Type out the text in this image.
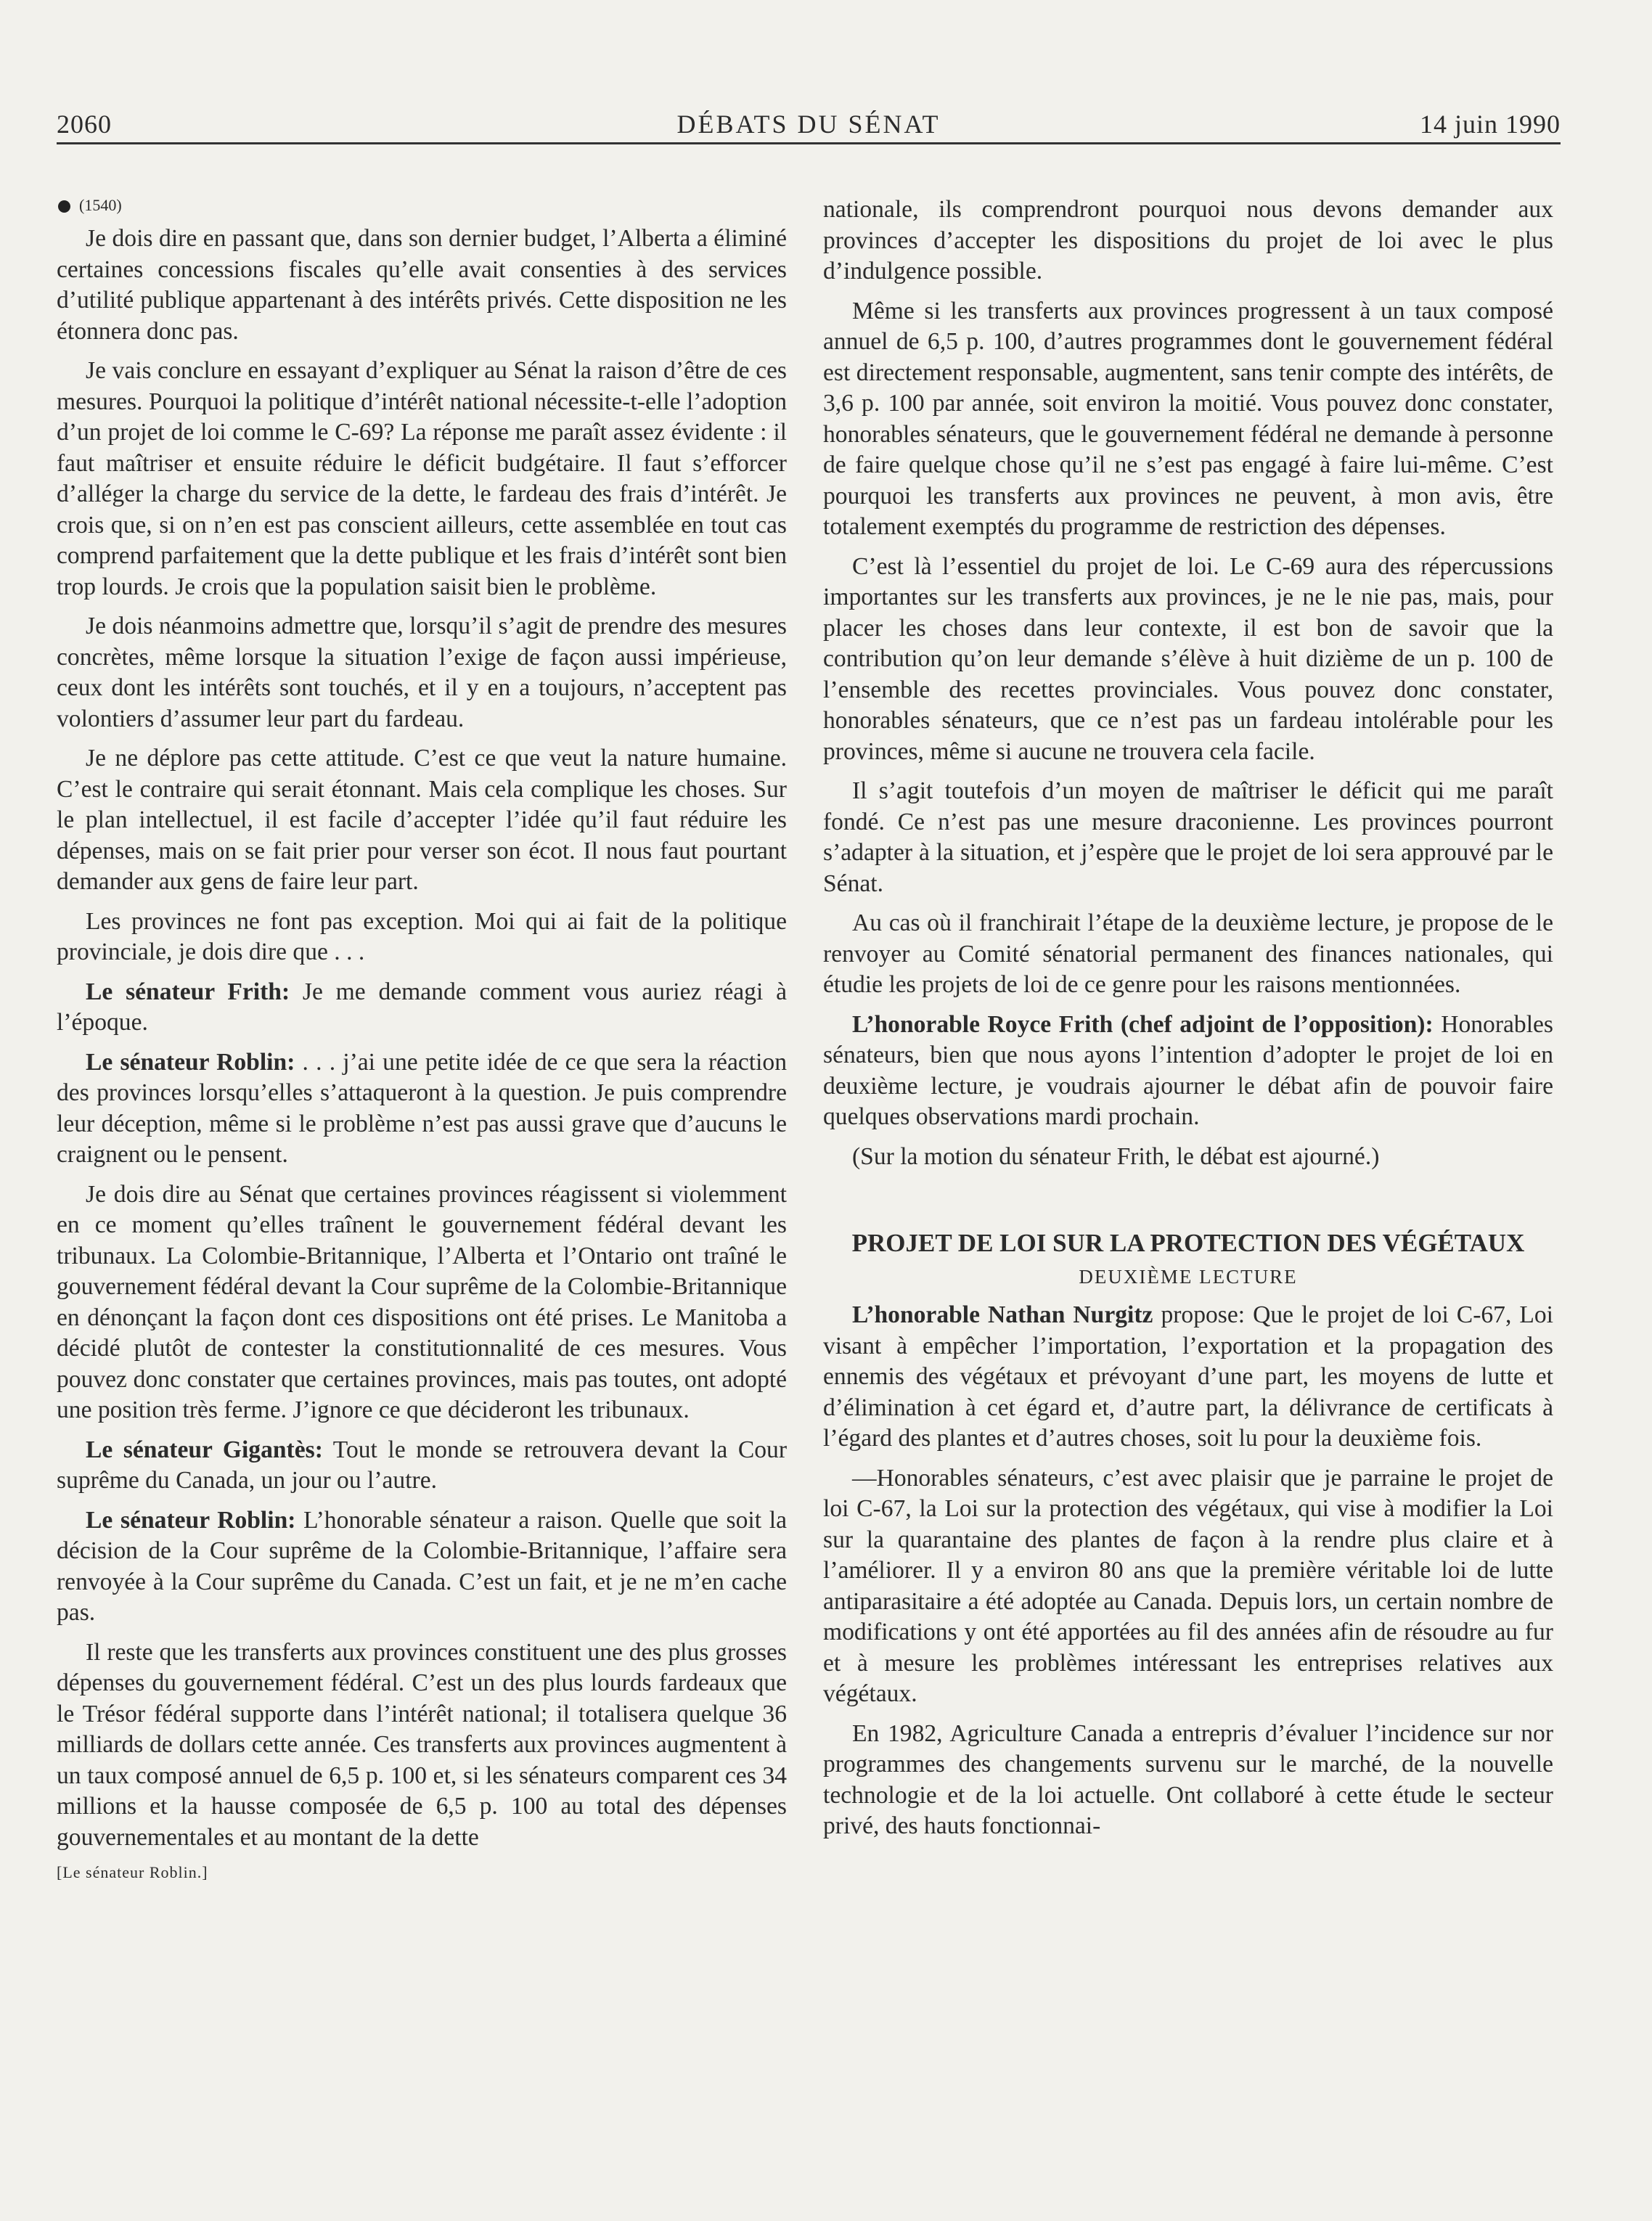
2060	DÉBATS DU SÉNAT	14 juin 1990
(1540)

Je dois dire en passant que, dans son dernier budget, l’Alberta a éliminé certaines concessions fiscales qu’elle avait consenties à des services d’utilité publique appartenant à des intérêts privés. Cette disposition ne les étonnera donc pas.

Je vais conclure en essayant d’expliquer au Sénat la raison d’être de ces mesures. Pourquoi la politique d’intérêt national nécessite-t-elle l’adoption d’un projet de loi comme le C-69? La réponse me paraît assez évidente : il faut maîtriser et ensuite réduire le déficit budgétaire. Il faut s’efforcer d’alléger la charge du service de la dette, le fardeau des frais d’intérêt. Je crois que, si on n’en est pas conscient ailleurs, cette assemblée en tout cas comprend parfaitement que la dette publique et les frais d’intérêt sont bien trop lourds. Je crois que la population saisit bien le problème.

Je dois néanmoins admettre que, lorsqu’il s’agit de prendre des mesures concrètes, même lorsque la situation l’exige de façon aussi impérieuse, ceux dont les intérêts sont touchés, et il y en a toujours, n’acceptent pas volontiers d’assumer leur part du fardeau.

Je ne déplore pas cette attitude. C’est ce que veut la nature humaine. C’est le contraire qui serait étonnant. Mais cela complique les choses. Sur le plan intellectuel, il est facile d’accepter l’idée qu’il faut réduire les dépenses, mais on se fait prier pour verser son écot. Il nous faut pourtant demander aux gens de faire leur part.

Les provinces ne font pas exception. Moi qui ai fait de la politique provinciale, je dois dire que . . .

Le sénateur Frith: Je me demande comment vous auriez réagi à l’époque.

Le sénateur Roblin: . . . j’ai une petite idée de ce que sera la réaction des provinces lorsqu’elles s’attaqueront à la question. Je puis comprendre leur déception, même si le problème n’est pas aussi grave que d’aucuns le craignent ou le pensent.

Je dois dire au Sénat que certaines provinces réagissent si violemment en ce moment qu’elles traînent le gouvernement fédéral devant les tribunaux. La Colombie-Britannique, l’Alberta et l’Ontario ont traîné le gouvernement fédéral devant la Cour suprême de la Colombie-Britannique en dénonçant la façon dont ces dispositions ont été prises. Le Manitoba a décidé plutôt de contester la constitutionnalité de ces mesures. Vous pouvez donc constater que certaines provinces, mais pas toutes, ont adopté une position très ferme. J’ignore ce que décideront les tribunaux.

Le sénateur Gigantès: Tout le monde se retrouvera devant la Cour suprême du Canada, un jour ou l’autre.

Le sénateur Roblin: L’honorable sénateur a raison. Quelle que soit la décision de la Cour suprême de la Colombie-Britannique, l’affaire sera renvoyée à la Cour suprême du Canada. C’est un fait, et je ne m’en cache pas.

Il reste que les transferts aux provinces constituent une des plus grosses dépenses du gouvernement fédéral. C’est un des plus lourds fardeaux que le Trésor fédéral supporte dans l’intérêt national; il totalisera quelque 36 milliards de dollars cette année. Ces transferts aux provinces augmentent à un taux composé annuel de 6,5 p. 100 et, si les sénateurs comparent ces 34 millions et la hausse composée de 6,5 p. 100 au total des dépenses gouvernementales et au montant de la dette

[Le sénateur Roblin.]

nationale, ils comprendront pourquoi nous devons demander aux provinces d’accepter les dispositions du projet de loi avec le plus d’indulgence possible.

Même si les transferts aux provinces progressent à un taux composé annuel de 6,5 p. 100, d’autres programmes dont le gouvernement fédéral est directement responsable, augmentent, sans tenir compte des intérêts, de 3,6 p. 100 par année, soit environ la moitié. Vous pouvez donc constater, honorables sénateurs, que le gouvernement fédéral ne demande à personne de faire quelque chose qu’il ne s’est pas engagé à faire lui-même. C’est pourquoi les transferts aux provinces ne peuvent, à mon avis, être totalement exemptés du programme de restriction des dépenses.

C’est là l’essentiel du projet de loi. Le C-69 aura des répercussions importantes sur les transferts aux provinces, je ne le nie pas, mais, pour placer les choses dans leur contexte, il est bon de savoir que la contribution qu’on leur demande s’élève à huit dizième de un p. 100 de l’ensemble des recettes provinciales. Vous pouvez donc constater, honorables sénateurs, que ce n’est pas un fardeau intolérable pour les provinces, même si aucune ne trouvera cela facile.

Il s’agit toutefois d’un moyen de maîtriser le déficit qui me paraît fondé. Ce n’est pas une mesure draconienne. Les provinces pourront s’adapter à la situation, et j’espère que le projet de loi sera approuvé par le Sénat.

Au cas où il franchirait l’étape de la deuxième lecture, je propose de le renvoyer au Comité sénatorial permanent des finances nationales, qui étudie les projets de loi de ce genre pour les raisons mentionnées.

L’honorable Royce Frith (chef adjoint de l’opposition): Honorables sénateurs, bien que nous ayons l’intention d’adopter le projet de loi en deuxième lecture, je voudrais ajourner le débat afin de pouvoir faire quelques observations mardi prochain.

(Sur la motion du sénateur Frith, le débat est ajourné.)

PROJET DE LOI SUR LA PROTECTION DES VÉGÉTAUX
DEUXIÈME LECTURE

L’honorable Nathan Nurgitz propose: Que le projet de loi C-67, Loi visant à empêcher l’importation, l’exportation et la propagation des ennemis des végétaux et prévoyant d’une part, les moyens de lutte et d’élimination à cet égard et, d’autre part, la délivrance de certificats à l’égard des plantes et d’autres choses, soit lu pour la deuxième fois.

—Honorables sénateurs, c’est avec plaisir que je parraine le projet de loi C-67, la Loi sur la protection des végétaux, qui vise à modifier la Loi sur la quarantaine des plantes de façon à la rendre plus claire et à l’améliorer. Il y a environ 80 ans que la première véritable loi de lutte antiparasitaire a été adoptée au Canada. Depuis lors, un certain nombre de modifications y ont été apportées au fil des années afin de résoudre au fur et à mesure les problèmes intéressant les entreprises relatives aux végétaux.

En 1982, Agriculture Canada a entrepris d’évaluer l’incidence sur nor programmes des changements survenu sur le marché, de la nouvelle technologie et de la loi actuelle. Ont collaboré à cette étude le secteur privé, des hauts fonctionnai-
